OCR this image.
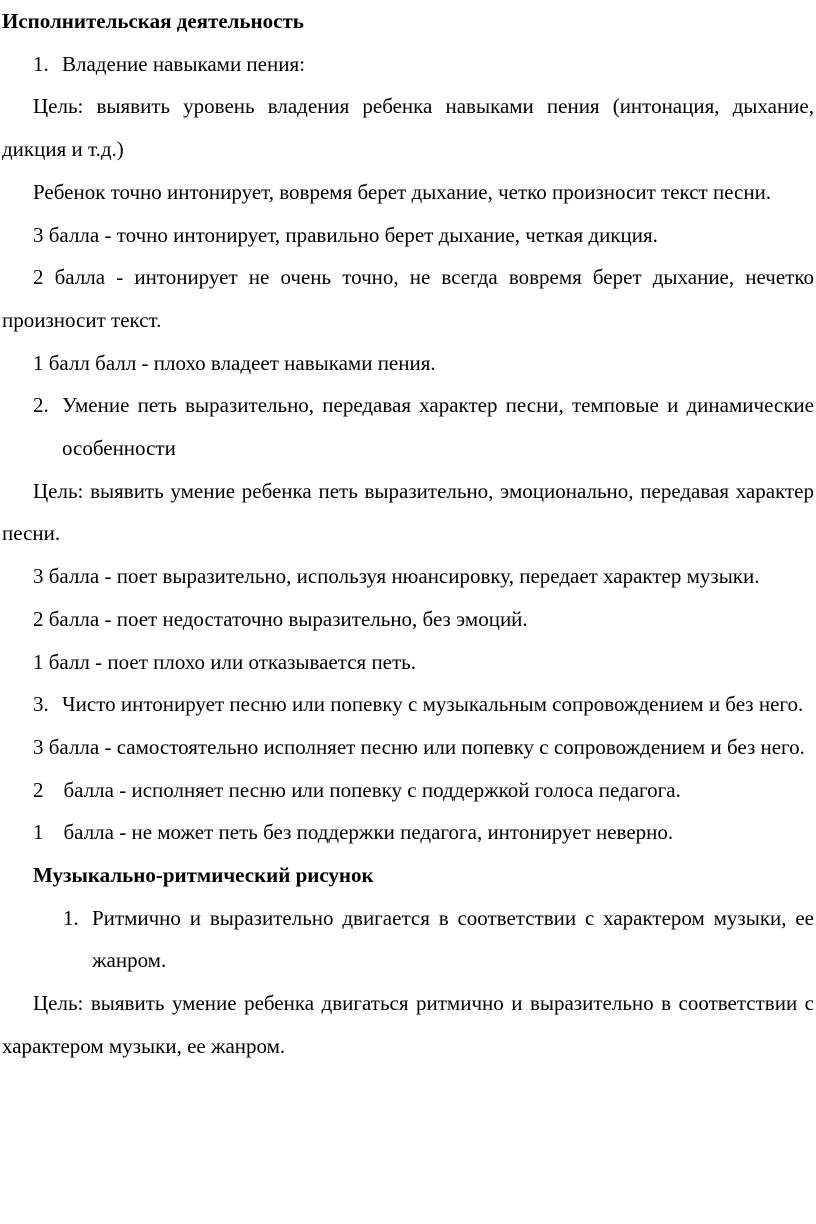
Исполнительская деятельность

1. Владение навыками пения:

Цель: выявить уровень владения ребенка навыками пения (интонация, дыхание, дикция и т.д.)

Ребенок точно интонирует, вовремя берет дыхание, четко произносит текст песни.

3 балла - точно интонирует, правильно берет дыхание, четкая дикция.

2 балла - интонирует не очень точно, не всегда вовремя берет дыхание, нечетко произносит текст.

1 балл балл - плохо владеет навыками пения.

2. Умение петь выразительно, передавая характер песни, темповые и динамические особенности

Цель: выявить умение ребенка петь выразительно, эмоционально, передавая характер песни.

3 балла - поет выразительно, используя нюансировку, передает характер музыки.

2 балла - поет недостаточно выразительно, без эмоций.

1 балл - поет плохо или отказывается петь.

3. Чисто интонирует песню или попевку с музыкальным сопровождением и без него.

3 балла - самостоятельно исполняет песню или попевку с сопровождением и без него.

2 балла - исполняет песню или попевку с поддержкой голоса педагога.

1 балла - не может петь без поддержки педагога, интонирует неверно.

Музыкально-ритмический рисунок

1. Ритмично и выразительно двигается в соответствии с характером музыки, ее жанром.

Цель: выявить умение ребенка двигаться ритмично и выразительно в соответствии с характером музыки, ее жанром.
